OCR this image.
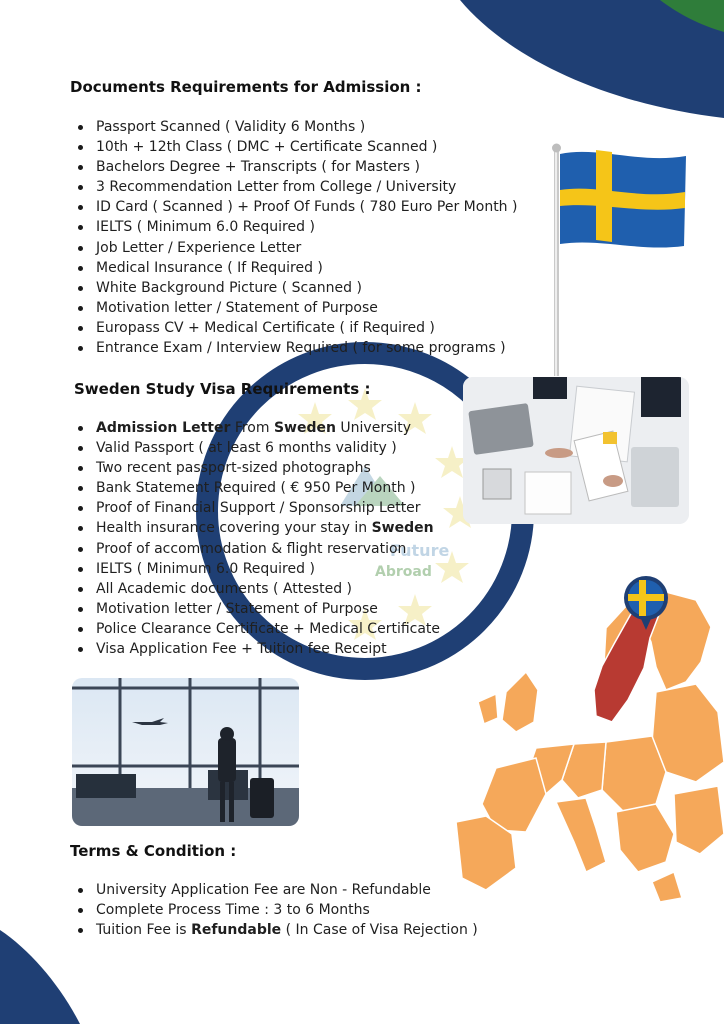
Future
Abroad
Documents Requirements for Admission :
Passport Scanned ( Validity 6 Months )
10th + 12th Class ( DMC + Certificate Scanned )
Bachelors Degree + Transcripts ( for Masters )
3 Recommendation Letter from College / University
ID Card ( Scanned ) + Proof Of Funds ( 780 Euro Per Month )
IELTS ( Minimum 6.0 Required )
Job Letter / Experience Letter
Medical Insurance ( If Required )
White Background Picture ( Scanned )
Motivation letter / Statement of Purpose
Europass CV + Medical Certificate ( if Required )
Entrance Exam / Interview Required ( for some programs )
Sweden Study Visa Requirements :
Admission Letter From Sweden University
Valid Passport ( at least 6 months validity )
Two recent passport-sized photographs
Bank Statement Required ( € 950 Per Month )
Proof of Financial Support / Sponsorship Letter
Health insurance covering your stay in Sweden
Proof of accommodation & flight reservation
IELTS ( Minimum 6.0 Required )
All Academic documents ( Attested )
Motivation letter / Statement of Purpose
Police Clearance Certificate + Medical Certificate
Visa Application Fee + Tuition fee Receipt
Terms & Condition :
University Application Fee are Non - Refundable
Complete Process Time : 3 to 6 Months
Tuition Fee is Refundable ( In Case of Visa Rejection )
